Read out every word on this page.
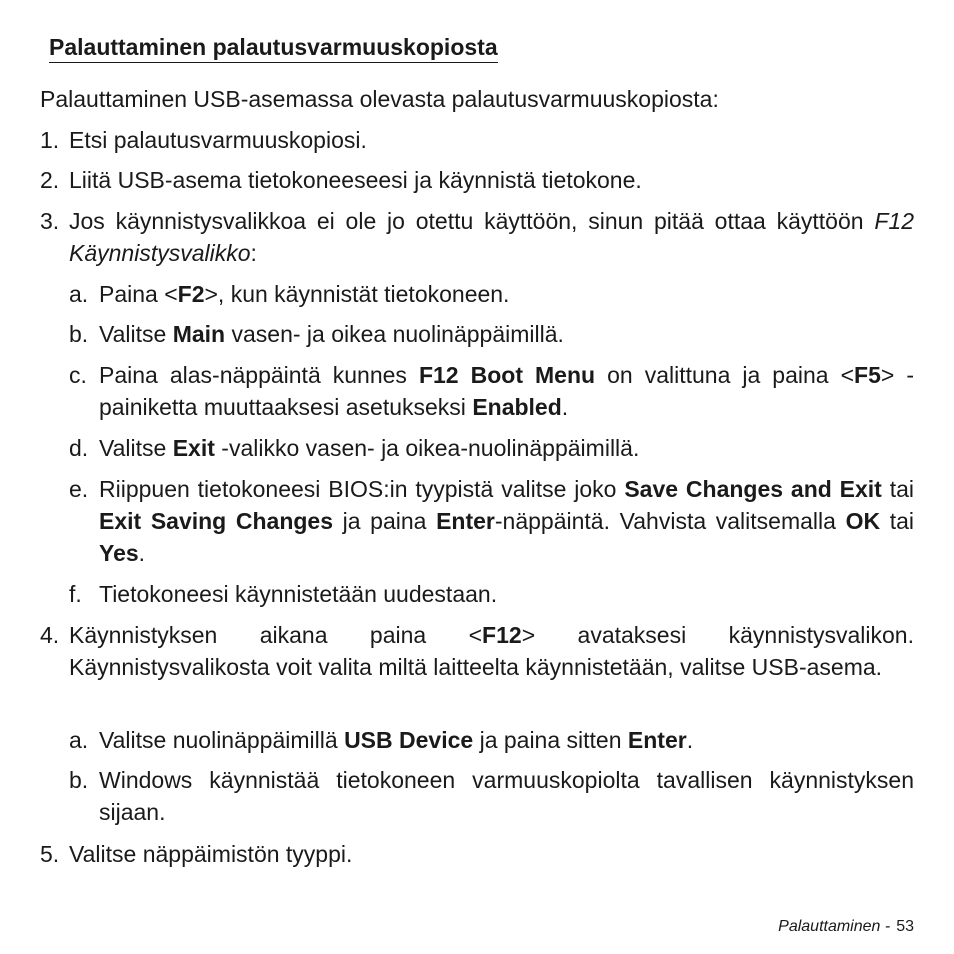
Palauttaminen palautusvarmuuskopiosta
Palauttaminen USB-asemassa olevasta palautusvarmuuskopiosta:
1. Etsi palautusvarmuuskopiosi.
2. Liitä USB-asema tietokoneeseesi ja käynnistä tietokone.
3. Jos käynnistysvalikkoa ei ole jo otettu käyttöön, sinun pitää ottaa käyttöön F12 Käynnistysvalikko:
a. Paina <F2>, kun käynnistät tietokoneen.
b. Valitse Main vasen- ja oikea nuolinäppäimillä.
c. Paina alas-näppäintä kunnes F12 Boot Menu on valittuna ja paina <F5> -painiketta muuttaaksesi asetukseksi Enabled.
d. Valitse Exit -valikko vasen- ja oikea-nuolinäppäimillä.
e. Riippuen tietokoneesi BIOS:in tyypistä valitse joko Save Changes and Exit tai Exit Saving Changes ja paina Enter-näppäintä. Vahvista valitsemalla OK tai Yes.
f. Tietokoneesi käynnistetään uudestaan.
4. Käynnistyksen aikana paina <F12> avataksesi käynnistysvalikon. Käynnistysvalikosta voit valita miltä laitteelta käynnistetään, valitse USB-asema.
a. Valitse nuolinäppäimillä USB Device ja paina sitten Enter.
b. Windows käynnistää tietokoneen varmuuskopiolta tavallisen käynnistyksen sijaan.
5. Valitse näppäimistön tyyppi.
Palauttaminen - 53
